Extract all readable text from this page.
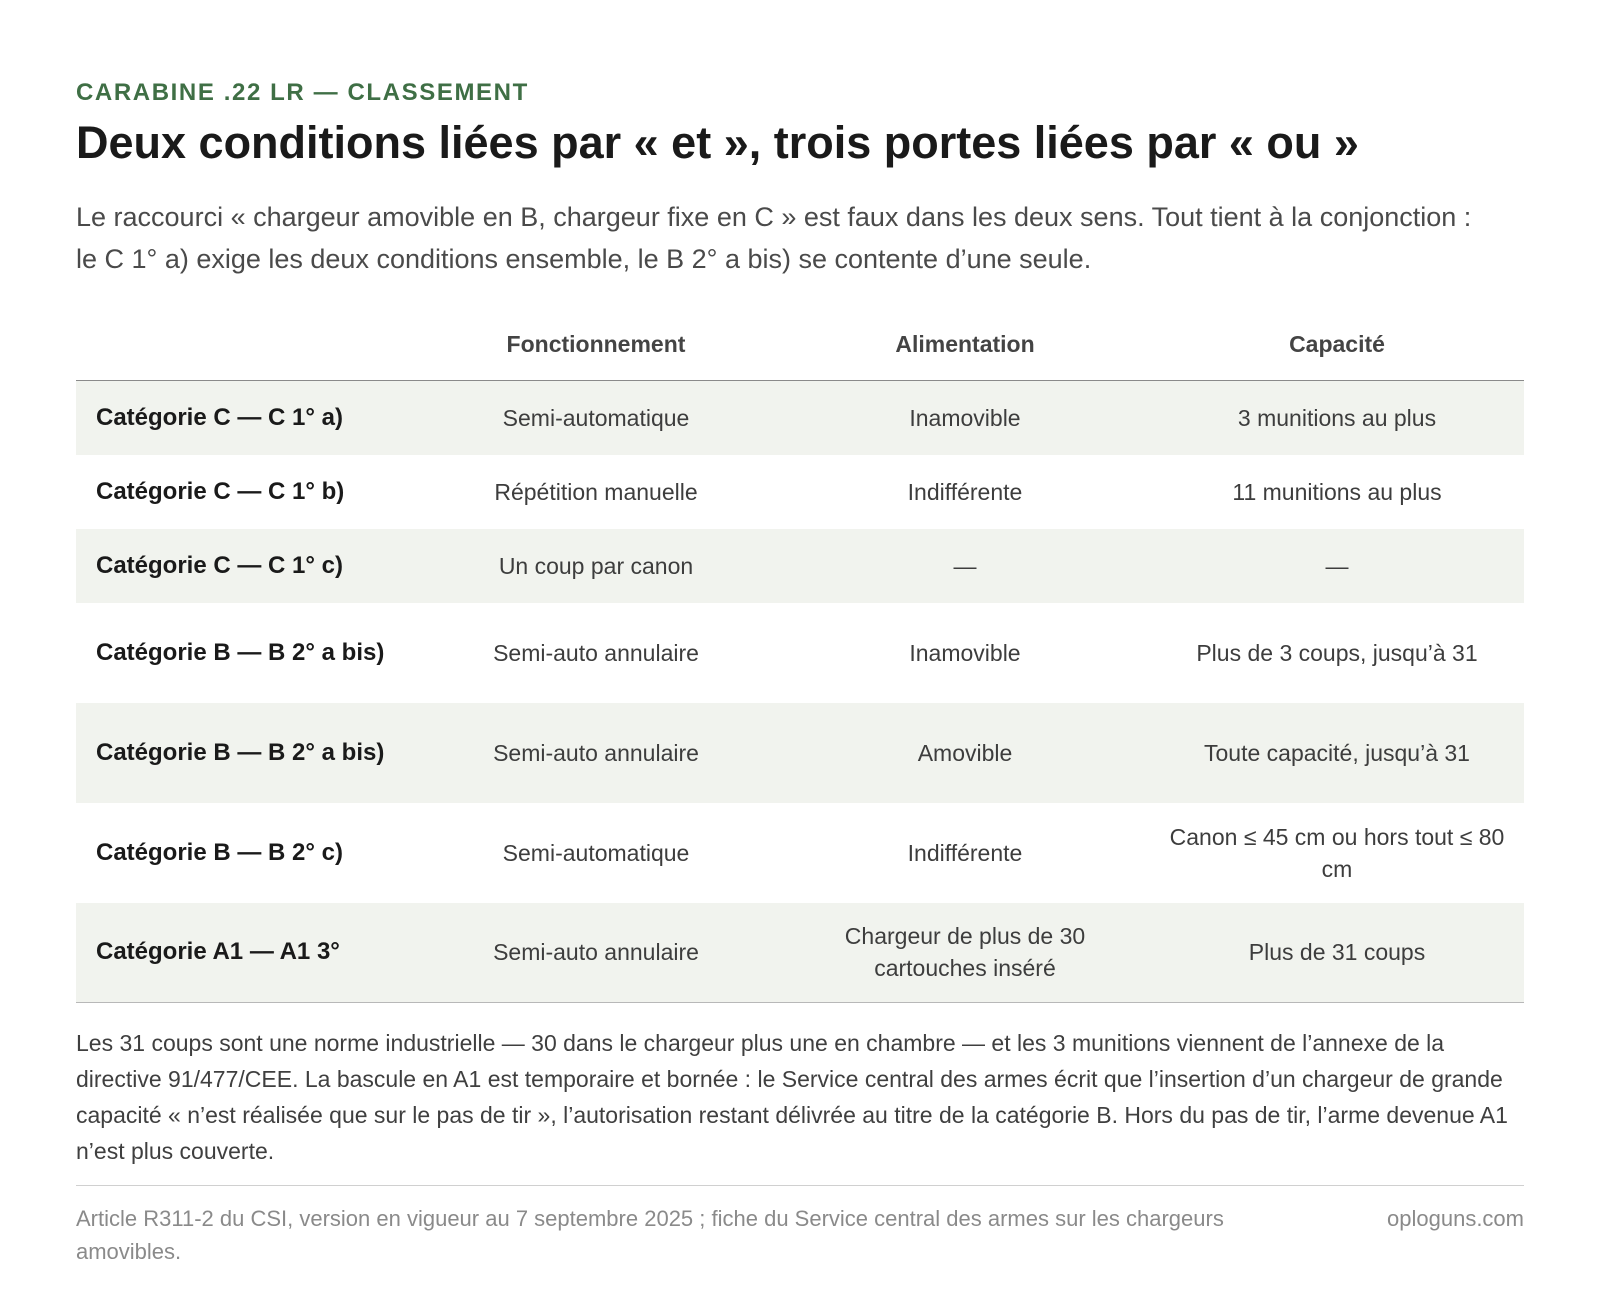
CARABINE .22 LR — CLASSEMENT

Deux conditions liées par « et », trois portes liées par « ou »

Le raccourci « chargeur amovible en B, chargeur fixe en C » est faux dans les deux sens. Tout tient à la conjonction : le C 1° a) exige les deux conditions ensemble, le B 2° a bis) se contente d’une seule.

	Fonctionnement	Alimentation	Capacité
Catégorie C — C 1° a)	Semi-automatique	Inamovible	3 munitions au plus
Catégorie C — C 1° b)	Répétition manuelle	Indifférente	11 munitions au plus
Catégorie C — C 1° c)	Un coup par canon	—	—
Catégorie B — B 2° a bis)	Semi-auto annulaire	Inamovible	Plus de 3 coups, jusqu’à 31
Catégorie B — B 2° a bis)	Semi-auto annulaire	Amovible	Toute capacité, jusqu’à 31
Catégorie B — B 2° c)	Semi-automatique	Indifférente	Canon ≤ 45 cm ou hors tout ≤ 80 cm
Catégorie A1 — A1 3°	Semi-auto annulaire	Chargeur de plus de 30 cartouches inséré	Plus de 31 coups

Les 31 coups sont une norme industrielle — 30 dans le chargeur plus une en chambre — et les 3 munitions viennent de l’annexe de la directive 91/477/CEE. La bascule en A1 est temporaire et bornée : le Service central des armes écrit que l’insertion d’un chargeur de grande capacité « n’est réalisée que sur le pas de tir », l’autorisation restant délivrée au titre de la catégorie B. Hors du pas de tir, l’arme devenue A1 n’est plus couverte.

Article R311-2 du CSI, version en vigueur au 7 septembre 2025 ; fiche du Service central des armes sur les chargeurs amovibles.
oploguns.com
